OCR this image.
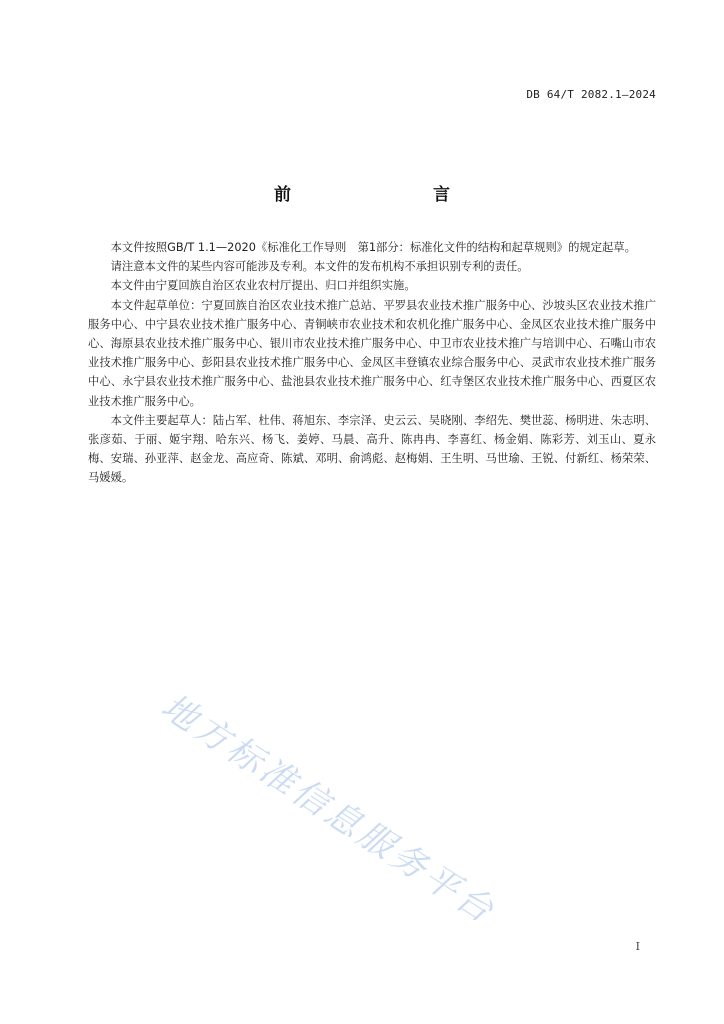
DB 64/T 2082.1—2024
前　　言

本文件按照GB/T 1.1—2020《标准化工作导则　第1部分：标准化文件的结构和起草规则》的规定起草。

请注意本文件的某些内容可能涉及专利。本文件的发布机构不承担识别专利的责任。

本文件由宁夏回族自治区农业农村厅提出、归口并组织实施。

本文件起草单位：宁夏回族自治区农业技术推广总站、平罗县农业技术推广服务中心、沙坡头区农业技术推广服务中心、中宁县农业技术推广服务中心、青铜峡市农业技术和农机化推广服务中心、金凤区农业技术推广服务中心、海原县农业技术推广服务中心、银川市农业技术推广服务中心、中卫市农业技术推广与培训中心、石嘴山市农业技术推广服务中心、彭阳县农业技术推广服务中心、金凤区丰登镇农业综合服务中心、灵武市农业技术推广服务中心、永宁县农业技术推广服务中心、盐池县农业技术推广服务中心、红寺堡区农业技术推广服务中心、西夏区农业技术推广服务中心。

本文件主要起草人：陆占军、杜伟、蒋旭东、李宗泽、史云云、吴晓刚、李绍先、樊世蕊、杨明进、朱志明、张彦茹、于丽、姬宇翔、哈东兴、杨飞、姜婷、马晨、高升、陈冉冉、李喜红、杨金娟、陈彩芳、刘玉山、夏永梅、安瑞、孙亚萍、赵金龙、高应奇、陈斌、邓明、俞鸿彪、赵梅娟、王生明、马世瑜、王锐、付新红、杨荣荣、马媛媛。

地方标准信息服务平台
I
